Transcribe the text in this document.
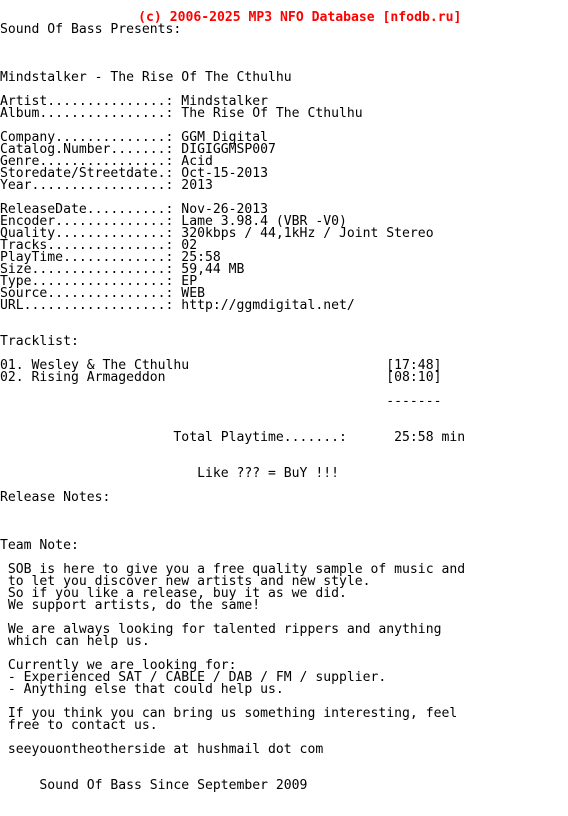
(c) 2006-2025 MP3 NFO Database [nfodb.ru]

Sound Of Bass Presents:
Mindstalker - The Rise Of The Cthulhu
Artist...............: Mindstalker
Album................: The Rise Of The Cthulhu
Company..............: GGM Digital
Catalog.Number.......: DIGIGGMSP007
Genre................: Acid
Storedate/Streetdate.: Oct-15-2013
Year.................: 2013
ReleaseDate..........: Nov-26-2013
Encoder..............: Lame 3.98.4 (VBR -V0)
Quality..............: 320kbps / 44,1kHz / Joint Stereo
Tracks...............: 02
PlayTime.............: 25:58
Size.................: 59,44 MB
Type.................: EP
Source...............: WEB
URL..................: http://ggmdigital.net/
Tracklist:
01. Wesley & The Cthulhu                         [17:48]
02. Rising Armageddon                            [08:10]
-------
Total Playtime.......:      25:58 min
Like ??? = BuY !!!
Release Notes:
Team Note:
SOB is here to give you a free quality sample of music and
to let you discover new artists and new style.
So if you like a release, buy it as we did.
We support artists, do the same!
We are always looking for talented rippers and anything
which can help us.
Currently we are looking for:
- Experienced SAT / CABLE / DAB / FM / supplier.
- Anything else that could help us.
If you think you can bring us something interesting, feel
free to contact us.
seeyouontheotherside at hushmail dot com
Sound Of Bass Since September 2009
